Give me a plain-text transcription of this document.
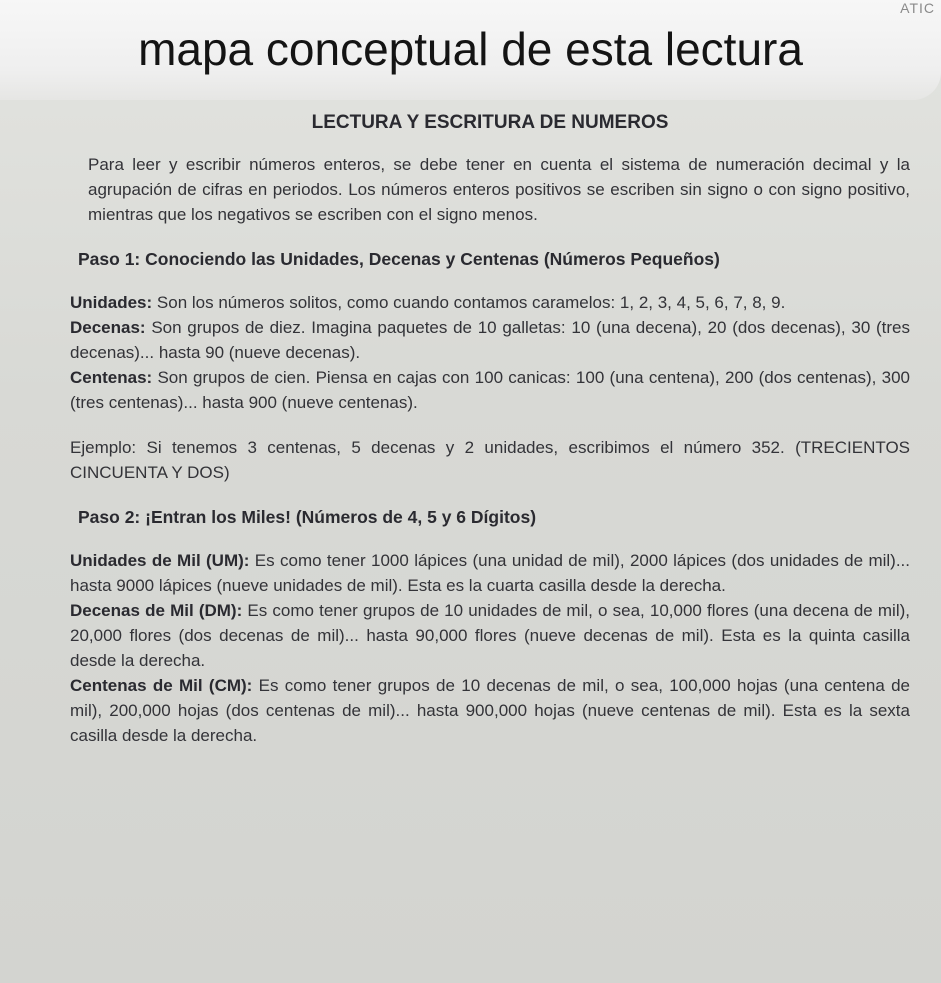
ATIC
mapa conceptual de esta lectura
LECTURA Y ESCRITURA DE NUMEROS

Para leer y escribir números enteros, se debe tener en cuenta el sistema de numeración decimal y la agrupación de cifras en periodos. Los números enteros positivos se escriben sin signo o con signo positivo, mientras que los negativos se escriben con el signo menos.

Paso 1: Conociendo las Unidades, Decenas y Centenas (Números Pequeños)

Unidades: Son los números solitos, como cuando contamos caramelos: 1, 2, 3, 4, 5, 6, 7, 8, 9.

Decenas: Son grupos de diez. Imagina paquetes de 10 galletas: 10 (una decena), 20 (dos decenas), 30 (tres decenas)... hasta 90 (nueve decenas).

Centenas: Son grupos de cien. Piensa en cajas con 100 canicas: 100 (una centena), 200 (dos centenas), 300 (tres centenas)... hasta 900 (nueve centenas).

Ejemplo: Si tenemos 3 centenas, 5 decenas y 2 unidades, escribimos el número 352. (TRECIENTOS CINCUENTA Y DOS)

Paso 2: ¡Entran los Miles! (Números de 4, 5 y 6 Dígitos)

Unidades de Mil (UM): Es como tener 1000 lápices (una unidad de mil), 2000 lápices (dos unidades de mil)... hasta 9000 lápices (nueve unidades de mil). Esta es la cuarta casilla desde la derecha.

Decenas de Mil (DM): Es como tener grupos de 10 unidades de mil, o sea, 10,000 flores (una decena de mil), 20,000 flores (dos decenas de mil)... hasta 90,000 flores (nueve decenas de mil). Esta es la quinta casilla desde la derecha.

Centenas de Mil (CM): Es como tener grupos de 10 decenas de mil, o sea, 100,000 hojas (una centena de mil), 200,000 hojas (dos centenas de mil)... hasta 900,000 hojas (nueve centenas de mil). Esta es la sexta casilla desde la derecha.
